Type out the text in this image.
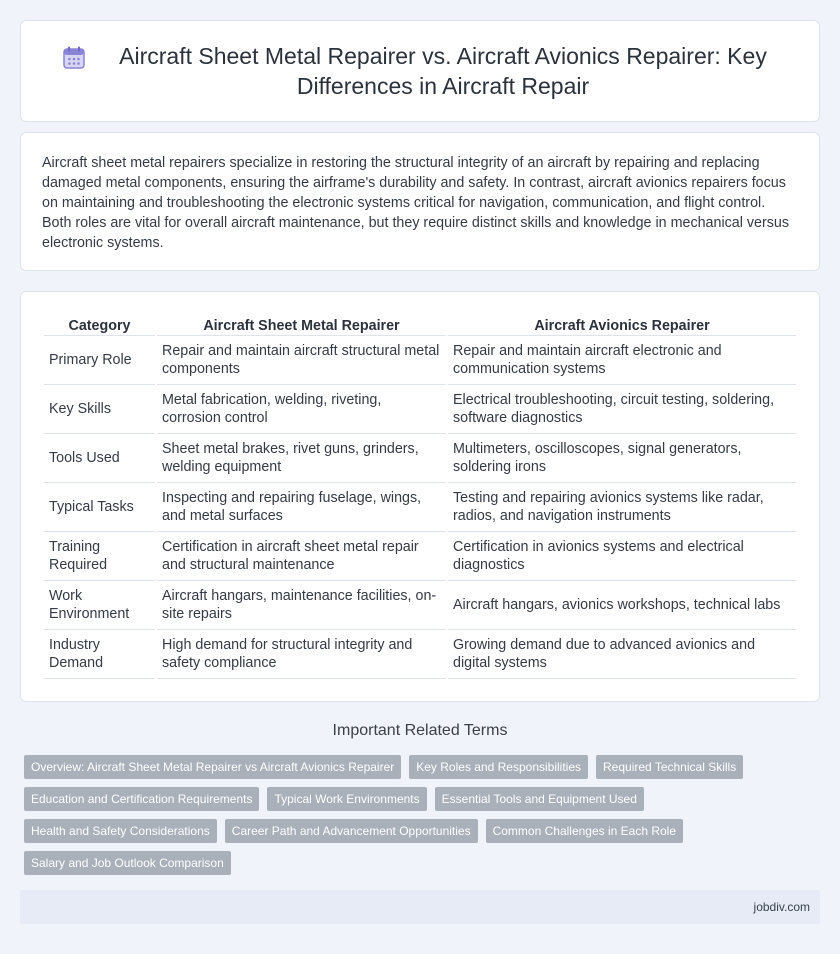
Aircraft Sheet Metal Repairer vs. Aircraft Avionics Repairer: Key Differences in Aircraft Repair

Aircraft sheet metal repairers specialize in restoring the structural integrity of an aircraft by repairing and replacing damaged metal components, ensuring the airframe's durability and safety. In contrast, aircraft avionics repairers focus on maintaining and troubleshooting the electronic systems critical for navigation, communication, and flight control. Both roles are vital for overall aircraft maintenance, but they require distinct skills and knowledge in mechanical versus electronic systems.

Category	Aircraft Sheet Metal Repairer	Aircraft Avionics Repairer
Primary Role	Repair and maintain aircraft structural metal components	Repair and maintain aircraft electronic and communication systems
Key Skills	Metal fabrication, welding, riveting, corrosion control	Electrical troubleshooting, circuit testing, soldering, software diagnostics
Tools Used	Sheet metal brakes, rivet guns, grinders, welding equipment	Multimeters, oscilloscopes, signal generators, soldering irons
Typical Tasks	Inspecting and repairing fuselage, wings, and metal surfaces	Testing and repairing avionics systems like radar, radios, and navigation instruments
Training Required	Certification in aircraft sheet metal repair and structural maintenance	Certification in avionics systems and electrical diagnostics
Work Environment	Aircraft hangars, maintenance facilities, on-site repairs	Aircraft hangars, avionics workshops, technical labs
Industry Demand	High demand for structural integrity and safety compliance	Growing demand due to advanced avionics and digital systems
Important Related Terms
Overview: Aircraft Sheet Metal Repairer vs Aircraft Avionics Repairer	Key Roles and Responsibilities	Required Technical Skills
Education and Certification Requirements	Typical Work Environments	Essential Tools and Equipment Used
Health and Safety Considerations	Career Path and Advancement Opportunities	Common Challenges in Each Role
Salary and Job Outlook Comparison
jobdiv.com
